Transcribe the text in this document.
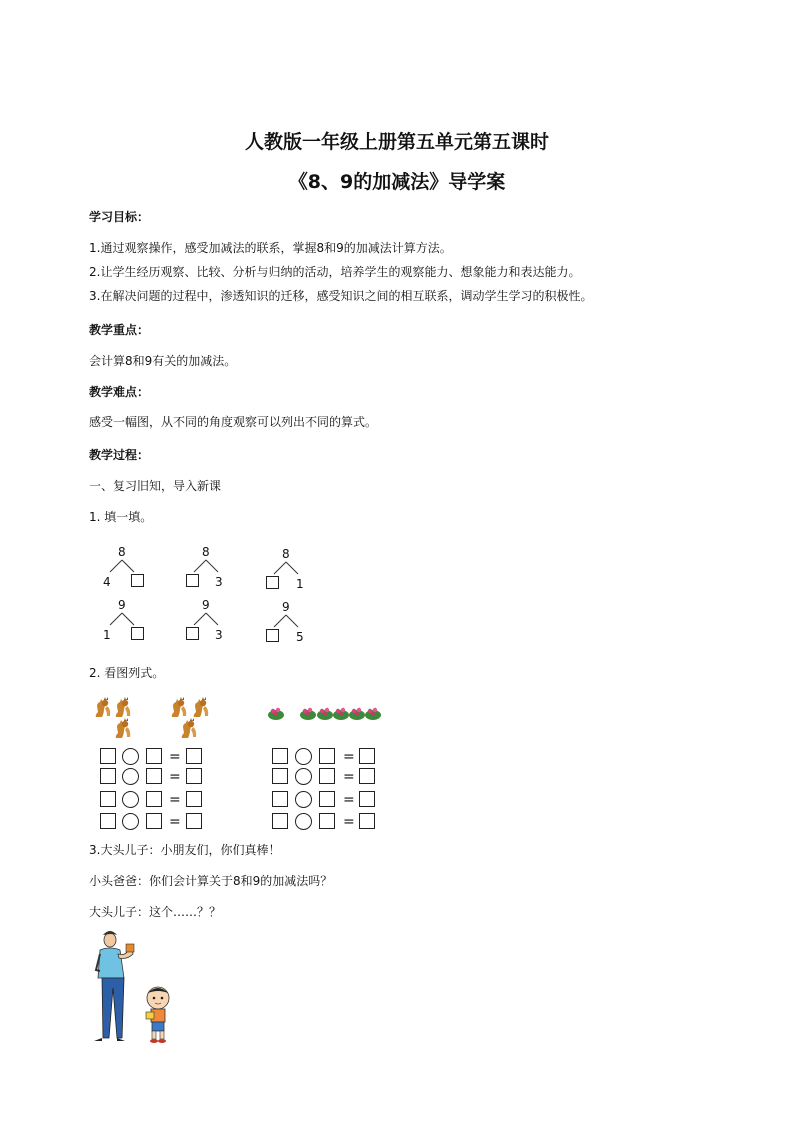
人教版一年级上册第五单元第五课时
《8、9的加减法》导学案
学习目标：
1.通过观察操作，感受加减法的联系，掌握8和9的加减法计算方法。
2.让学生经历观察、比较、分析与归纳的活动，培养学生的观察能力、想象能力和表达能力。
3.在解决问题的过程中，渗透知识的迁移，感受知识之间的相互联系，调动学生学习的积极性。
教学重点：
会计算8和9有关的加减法。
教学难点：
感受一幅图，从不同的角度观察可以列出不同的算式。
教学过程：
一、复习旧知，导入新课
1. 填一填。
8
4
8
3
8
1
9
1
9
3
9
5
2. 看图列式。
=
=
=
=
=
=
=
=
3.大头儿子：小朋友们，你们真棒！
小头爸爸：你们会计算关于8和9的加减法吗？
大头儿子：这个……？？
